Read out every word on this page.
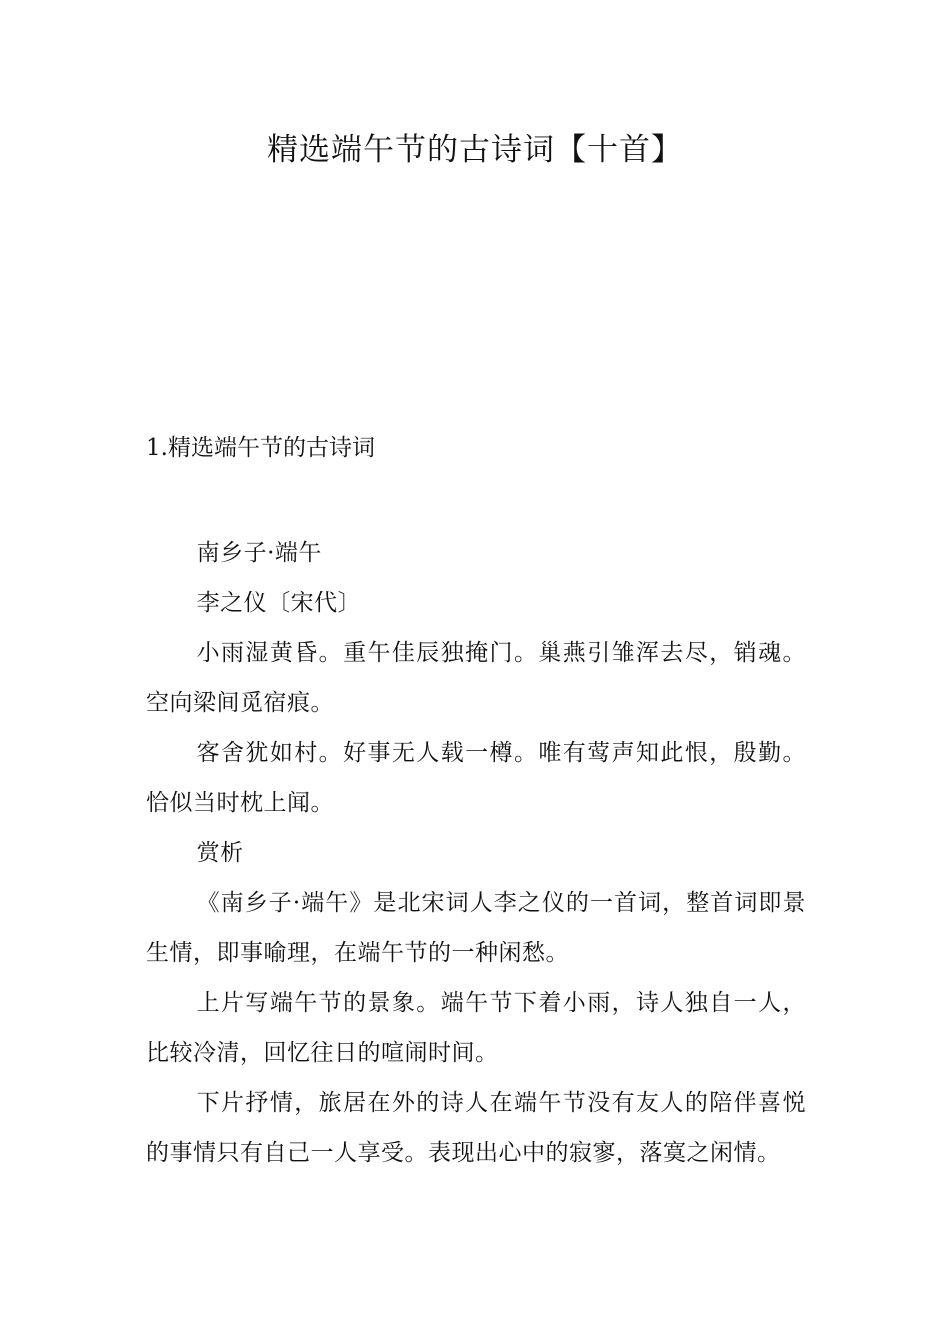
精选端午节的古诗词【十首】
1.精选端午节的古诗词

南乡子·端午

李之仪〔宋代〕

小雨湿黄昏。重午佳辰独掩门。巢燕引雏浑去尽，销魂。空向梁间觅宿痕。

客舍犹如村。好事无人载一樽。唯有莺声知此恨，殷勤。恰似当时枕上闻。

赏析

《南乡子·端午》是北宋词人李之仪的一首词，整首词即景生情，即事喻理，在端午节的一种闲愁。

上片写端午节的景象。端午节下着小雨，诗人独自一人，比较冷清，回忆往日的喧闹时间。

下片抒情，旅居在外的诗人在端午节没有友人的陪伴喜悦的事情只有自己一人享受。表现出心中的寂寥，落寞之闲情。
